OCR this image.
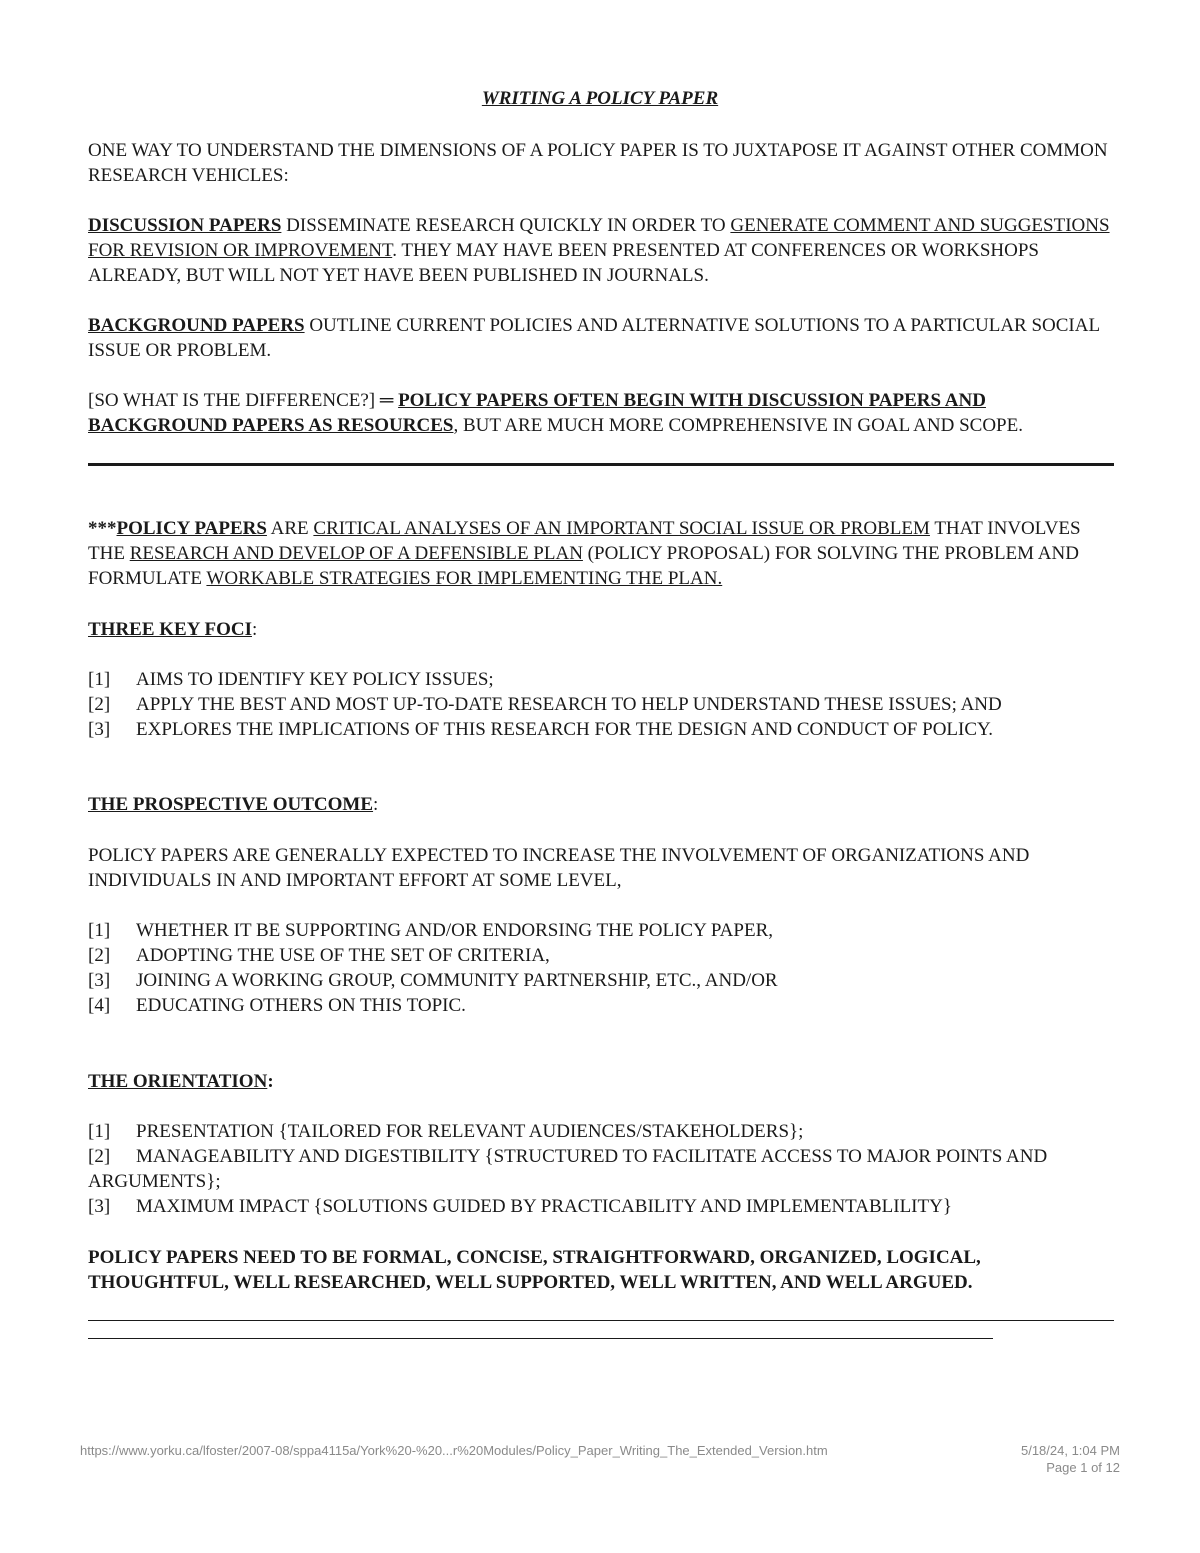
WRITING A POLICY PAPER

ONE WAY TO UNDERSTAND THE DIMENSIONS OF A POLICY PAPER IS TO JUXTAPOSE IT AGAINST OTHER COMMON RESEARCH VEHICLES:

DISCUSSION PAPERS DISSEMINATE RESEARCH QUICKLY IN ORDER TO GENERATE COMMENT AND SUGGESTIONS FOR REVISION OR IMPROVEMENT. THEY MAY HAVE BEEN PRESENTED AT CONFERENCES OR WORKSHOPS ALREADY, BUT WILL NOT YET HAVE BEEN PUBLISHED IN JOURNALS.

BACKGROUND PAPERS OUTLINE CURRENT POLICIES AND ALTERNATIVE SOLUTIONS TO A PARTICULAR SOCIAL ISSUE OR PROBLEM.

[SO WHAT IS THE DIFFERENCE?] ═ POLICY PAPERS OFTEN BEGIN WITH DISCUSSION PAPERS AND BACKGROUND PAPERS AS RESOURCES, BUT ARE MUCH MORE COMPREHENSIVE IN GOAL AND SCOPE.

***POLICY PAPERS ARE CRITICAL ANALYSES OF AN IMPORTANT SOCIAL ISSUE OR PROBLEM THAT INVOLVES THE RESEARCH AND DEVELOP OF A DEFENSIBLE PLAN (POLICY PROPOSAL) FOR SOLVING THE PROBLEM AND FORMULATE WORKABLE STRATEGIES FOR IMPLEMENTING THE PLAN.

THREE KEY FOCI:

[1] AIMS TO IDENTIFY KEY POLICY ISSUES;

[2] APPLY THE BEST AND MOST UP-TO-DATE RESEARCH TO HELP UNDERSTAND THESE ISSUES; AND

[3] EXPLORES THE IMPLICATIONS OF THIS RESEARCH FOR THE DESIGN AND CONDUCT OF POLICY.

THE PROSPECTIVE OUTCOME:

POLICY PAPERS ARE GENERALLY EXPECTED TO INCREASE THE INVOLVEMENT OF ORGANIZATIONS AND INDIVIDUALS IN AND IMPORTANT EFFORT AT SOME LEVEL,

[1] WHETHER IT BE SUPPORTING AND/OR ENDORSING THE POLICY PAPER,

[2] ADOPTING THE USE OF THE SET OF CRITERIA,

[3] JOINING A WORKING GROUP, COMMUNITY PARTNERSHIP, ETC., AND/OR

[4] EDUCATING OTHERS ON THIS TOPIC.

THE ORIENTATION:

[1] PRESENTATION {TAILORED FOR RELEVANT AUDIENCES/STAKEHOLDERS};

[2] MANAGEABILITY AND DIGESTIBILITY {STRUCTURED TO FACILITATE ACCESS TO MAJOR POINTS AND ARGUMENTS};

[3] MAXIMUM IMPACT {SOLUTIONS GUIDED BY PRACTICABILITY AND IMPLEMENTABLILITY}

POLICY PAPERS NEED TO BE FORMAL, CONCISE, STRAIGHTFORWARD, ORGANIZED, LOGICAL, THOUGHTFUL, WELL RESEARCHED, WELL SUPPORTED, WELL WRITTEN, AND WELL ARGUED.

https://www.yorku.ca/lfoster/2007-08/sppa4115a/York%20-%20...r%20Modules/Policy_Paper_Writing_The_Extended_Version.htm	5/18/24, 1:04 PM
Page 1 of 12
